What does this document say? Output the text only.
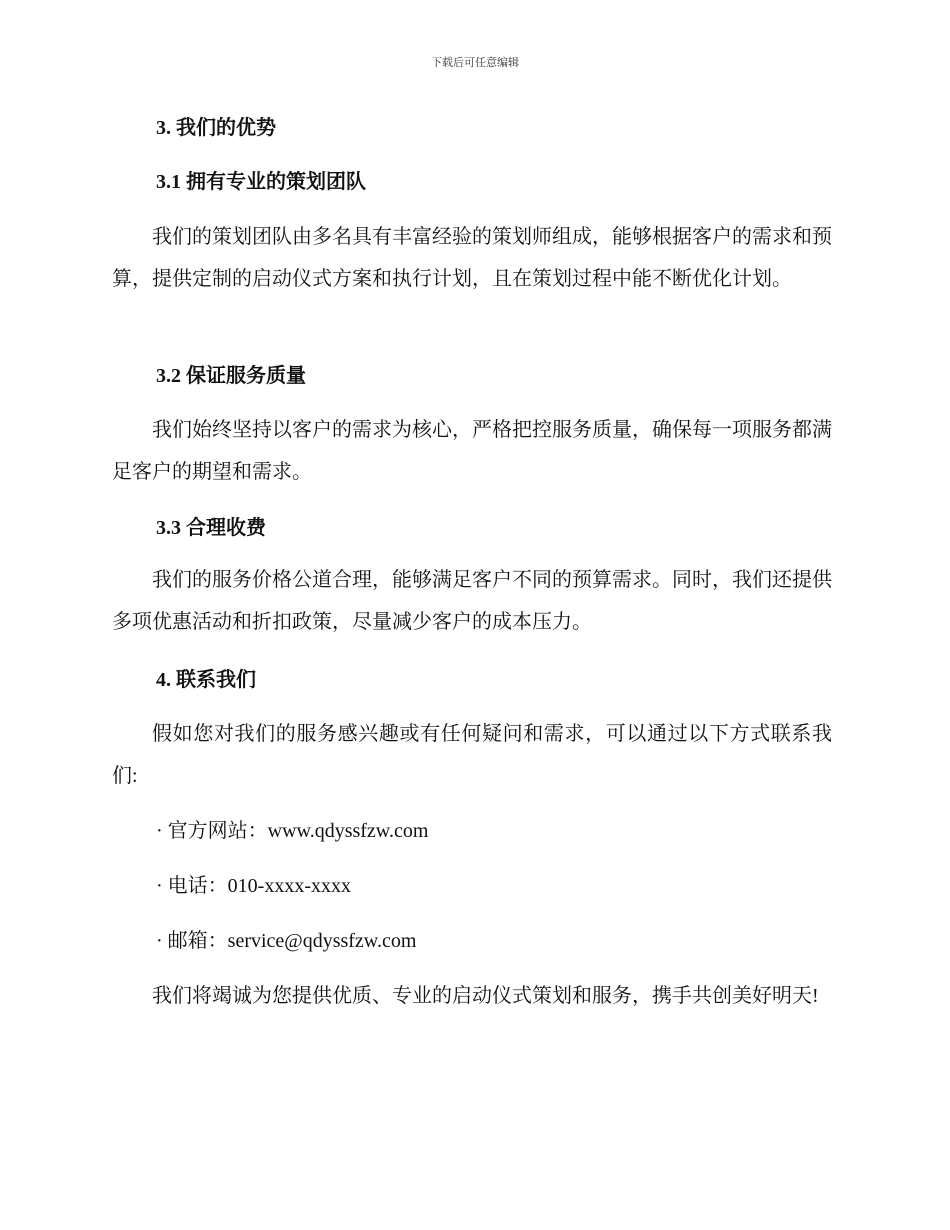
下载后可任意编辑
3. 我们的优势
3.1 拥有专业的策划团队

我们的策划团队由多名具有丰富经验的策划师组成，能够根据客户的需求和预算，提供定制的启动仪式方案和执行计划，且在策划过程中能不断优化计划。

3.2 保证服务质量

我们始终坚持以客户的需求为核心，严格把控服务质量，确保每一项服务都满足客户的期望和需求。

3.3 合理收费

我们的服务价格公道合理，能够满足客户不同的预算需求。同时，我们还提供多项优惠活动和折扣政策，尽量减少客户的成本压力。

4. 联系我们

假如您对我们的服务感兴趣或有任何疑问和需求，可以通过以下方式联系我们:

· 官方网站：www.qdyssfzw.com

· 电话：010-xxxx-xxxx

· 邮箱：service@qdyssfzw.com

我们将竭诚为您提供优质、专业的启动仪式策划和服务，携手共创美好明天!
